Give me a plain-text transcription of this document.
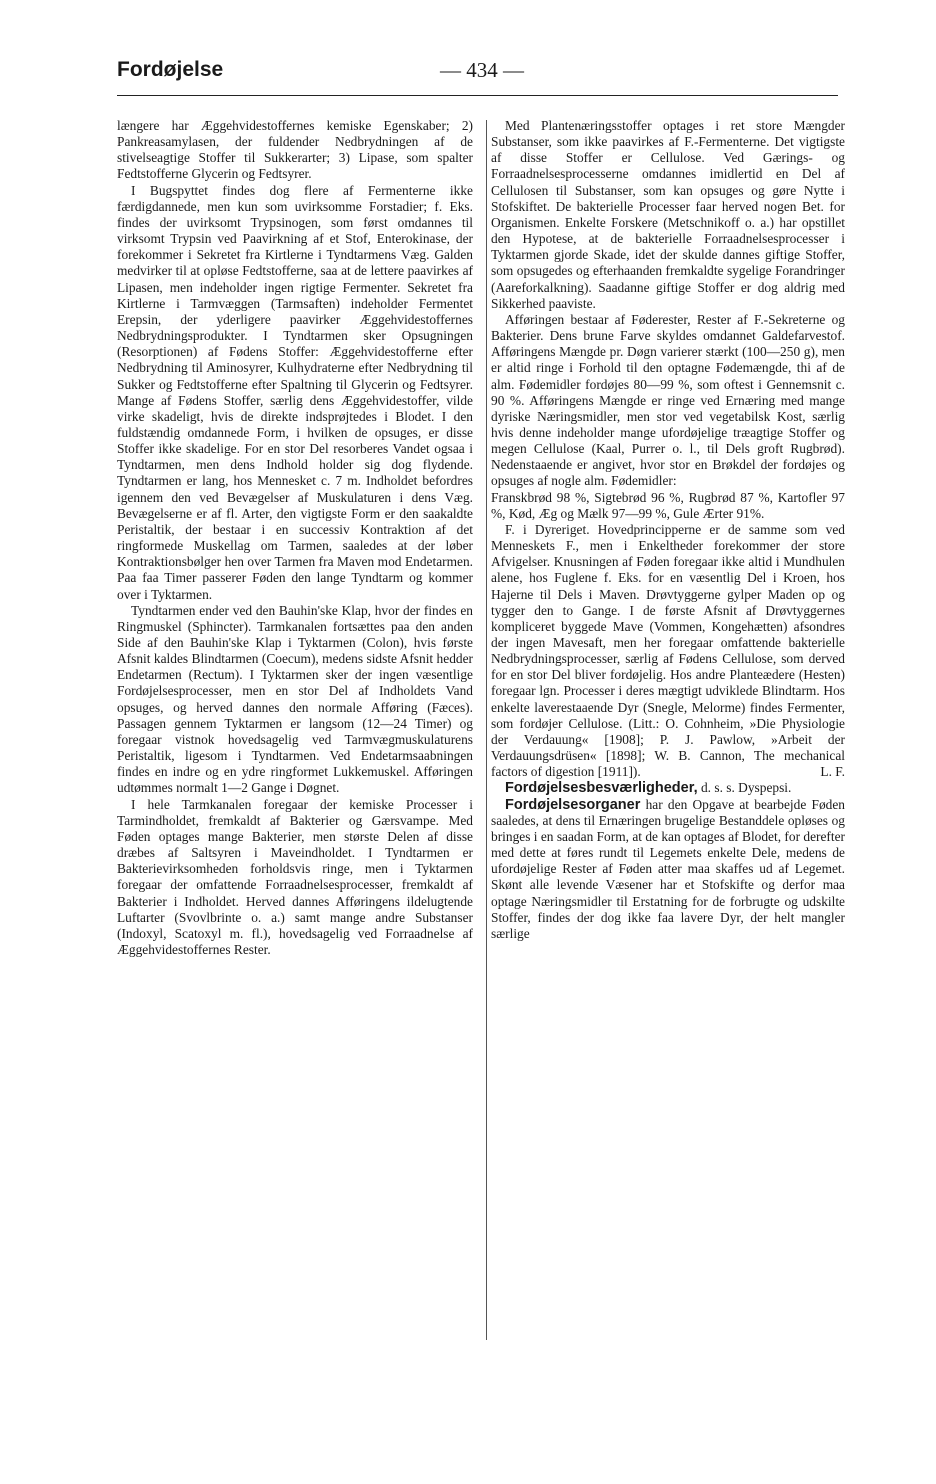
Fordøjelse	— 434 —

længere har Æggehvidestoffernes kemiske Egenskaber; 2) Pankreasamylasen, der fuldender Nedbrydningen af de stivelseagtige Stoffer til Sukkerarter; 3) Lipase, som spalter Fedtstofferne Glycerin og Fedtsyrer.

I Bugspyttet findes dog flere af Fermenterne ikke færdigdannede, men kun som uvirksomme Forstadier; f. Eks. findes der uvirksomt Trypsinogen, som først omdannes til virksomt Trypsin ved Paavirkning af et Stof, Enterokinase, der forekommer i Sekretet fra Kirtlerne i Tyndtarmens Væg. Galden medvirker til at opløse Fedtstofferne, saa at de lettere paavirkes af Lipasen, men indeholder ingen rigtige Fermenter. Sekretet fra Kirtlerne i Tarmvæggen (Tarmsaften) indeholder Fermentet Erepsin, der yderligere paavirker Æggehvidestoffernes Nedbrydningsprodukter. I Tyndtarmen sker Opsugningen (Resorptionen) af Fødens Stoffer: Æggehvidestofferne efter Nedbrydning til Aminosyrer, Kulhydraterne efter Nedbrydning til Sukker og Fedtstofferne efter Spaltning til Glycerin og Fedtsyrer. Mange af Fødens Stoffer, særlig dens Æggehvidestoffer, vilde virke skadeligt, hvis de direkte indsprøjtedes i Blodet. I den fuldstændig omdannede Form, i hvilken de opsuges, er disse Stoffer ikke skadelige. For en stor Del resorberes Vandet ogsaa i Tyndtarmen, men dens Indhold holder sig dog flydende. Tyndtarmen er lang, hos Mennesket c. 7 m. Indholdet befordres igennem den ved Bevægelser af Muskulaturen i dens Væg. Bevægelserne er af fl. Arter, den vigtigste Form er den saakaldte Peristaltik, der bestaar i en successiv Kontraktion af det ringformede Muskellag om Tarmen, saaledes at der løber Kontraktionsbølger hen over Tarmen fra Maven mod Endetarmen. Paa faa Timer passerer Føden den lange Tyndtarm og kommer over i Tyktarmen.

Tyndtarmen ender ved den Bauhin'ske Klap, hvor der findes en Ringmuskel (Sphincter). Tarmkanalen fortsættes paa den anden Side af den Bauhin'ske Klap i Tyktarmen (Colon), hvis første Afsnit kaldes Blindtarmen (Coecum), medens sidste Afsnit hedder Endetarmen (Rectum). I Tyktarmen sker der ingen væsentlige Fordøjelsesprocesser, men en stor Del af Indholdets Vand opsuges, og herved dannes den normale Afføring (Fæces). Passagen gennem Tyktarmen er langsom (12—24 Timer) og foregaar vistnok hovedsagelig ved Tarmvægmuskulaturens Peristaltik, ligesom i Tyndtarmen. Ved Endetarmsaabningen findes en indre og en ydre ringformet Lukkemuskel. Afføringen udtømmes normalt 1—2 Gange i Døgnet.

I hele Tarmkanalen foregaar der kemiske Processer i Tarmindholdet, fremkaldt af Bakterier og Gærsvampe. Med Føden optages mange Bakterier, men største Delen af disse dræbes af Saltsyren i Maveindholdet. I Tyndtarmen er Bakterievirksomheden forholdsvis ringe, men i Tyktarmen foregaar der omfattende Forraadnelsesprocesser, fremkaldt af Bakterier i Indholdet. Herved dannes Afføringens ildelugtende Luftarter (Svovlbrinte o. a.) samt mange andre Substanser (Indoxyl, Scatoxyl m. fl.), hovedsagelig ved Forraadnelse af Æggehvidestoffernes Rester.

Med Plantenæringsstoffer optages i ret store Mængder Substanser, som ikke paavirkes af F.-Fermenterne. Det vigtigste af disse Stoffer er Cellulose. Ved Gærings- og Forraadnelsesprocesserne omdannes imidlertid en Del af Cellulosen til Substanser, som kan opsuges og gøre Nytte i Stofskiftet. De bakterielle Processer faar herved nogen Bet. for Organismen. Enkelte Forskere (Metschnikoff o. a.) har opstillet den Hypotese, at de bakterielle Forraadnelsesprocesser i Tyktarmen gjorde Skade, idet der skulde dannes giftige Stoffer, som opsugedes og efterhaanden fremkaldte sygelige Forandringer (Aareforkalkning). Saadanne giftige Stoffer er dog aldrig med Sikkerhed paaviste.

Afføringen bestaar af Føderester, Rester af F.-Sekreterne og Bakterier. Dens brune Farve skyldes omdannet Galdefarvestof. Afføringens Mængde pr. Døgn varierer stærkt (100—250 g), men er altid ringe i Forhold til den optagne Fødemængde, thi af de alm. Fødemidler fordøjes 80—99 %, som oftest i Gennemsnit c. 90 %. Afføringens Mængde er ringe ved Ernæring med mange dyriske Næringsmidler, men stor ved vegetabilsk Kost, særlig hvis denne indeholder mange ufordøjelige træagtige Stoffer og megen Cellulose (Kaal, Purrer o. l., til Dels groft Rugbrød). Nedenstaaende er angivet, hvor stor en Brøkdel der fordøjes og opsuges af nogle alm. Fødemidler:

Franskbrød 98 %, Sigtebrød 96 %, Rugbrød 87 %, Kartofler 97 %, Kød, Æg og Mælk 97—99 %, Gule Ærter 91%.

F. i Dyreriget. Hovedprincipperne er de samme som ved Menneskets F., men i Enkeltheder forekommer der store Afvigelser. Knusningen af Føden foregaar ikke altid i Mundhulen alene, hos Fuglene f. Eks. for en væsentlig Del i Kroen, hos Hajerne til Dels i Maven. Drøvtyggerne gylper Maden op og tygger den to Gange. I de første Afsnit af Drøvtyggernes kompliceret byggede Mave (Vommen, Kongehætten) afsondres der ingen Mavesaft, men her foregaar omfattende bakterielle Nedbrydningsprocesser, særlig af Fødens Cellulose, som derved for en stor Del bliver fordøjelig. Hos andre Planteædere (Hesten) foregaar lgn. Processer i deres mægtigt udviklede Blindtarm. Hos enkelte laverestaaende Dyr (Snegle, Melorme) findes Fermenter, som fordøjer Cellulose. (Litt.: O. Cohnheim, »Die Physiologie der Verdauung« [1908]; P. J. Pawlow, »Arbeit der Verdauungsdrüsen« [1898]; W. B. Cannon, The mechanical factors of digestion [1911]).	L. F.

Fordøjelsesbesværligheder, d. s. s. Dyspepsi.

Fordøjelsesorganer har den Opgave at bearbejde Føden saaledes, at dens til Ernæringen brugelige Bestanddele opløses og bringes i en saadan Form, at de kan optages af Blodet, for derefter med dette at føres rundt til Legemets enkelte Dele, medens de ufordøjelige Rester af Føden atter maa skaffes ud af Legemet. Skønt alle levende Væsener har et Stofskifte og derfor maa optage Næringsmidler til Erstatning for de forbrugte og udskilte Stoffer, findes der dog ikke faa lavere Dyr, der helt mangler særlige
